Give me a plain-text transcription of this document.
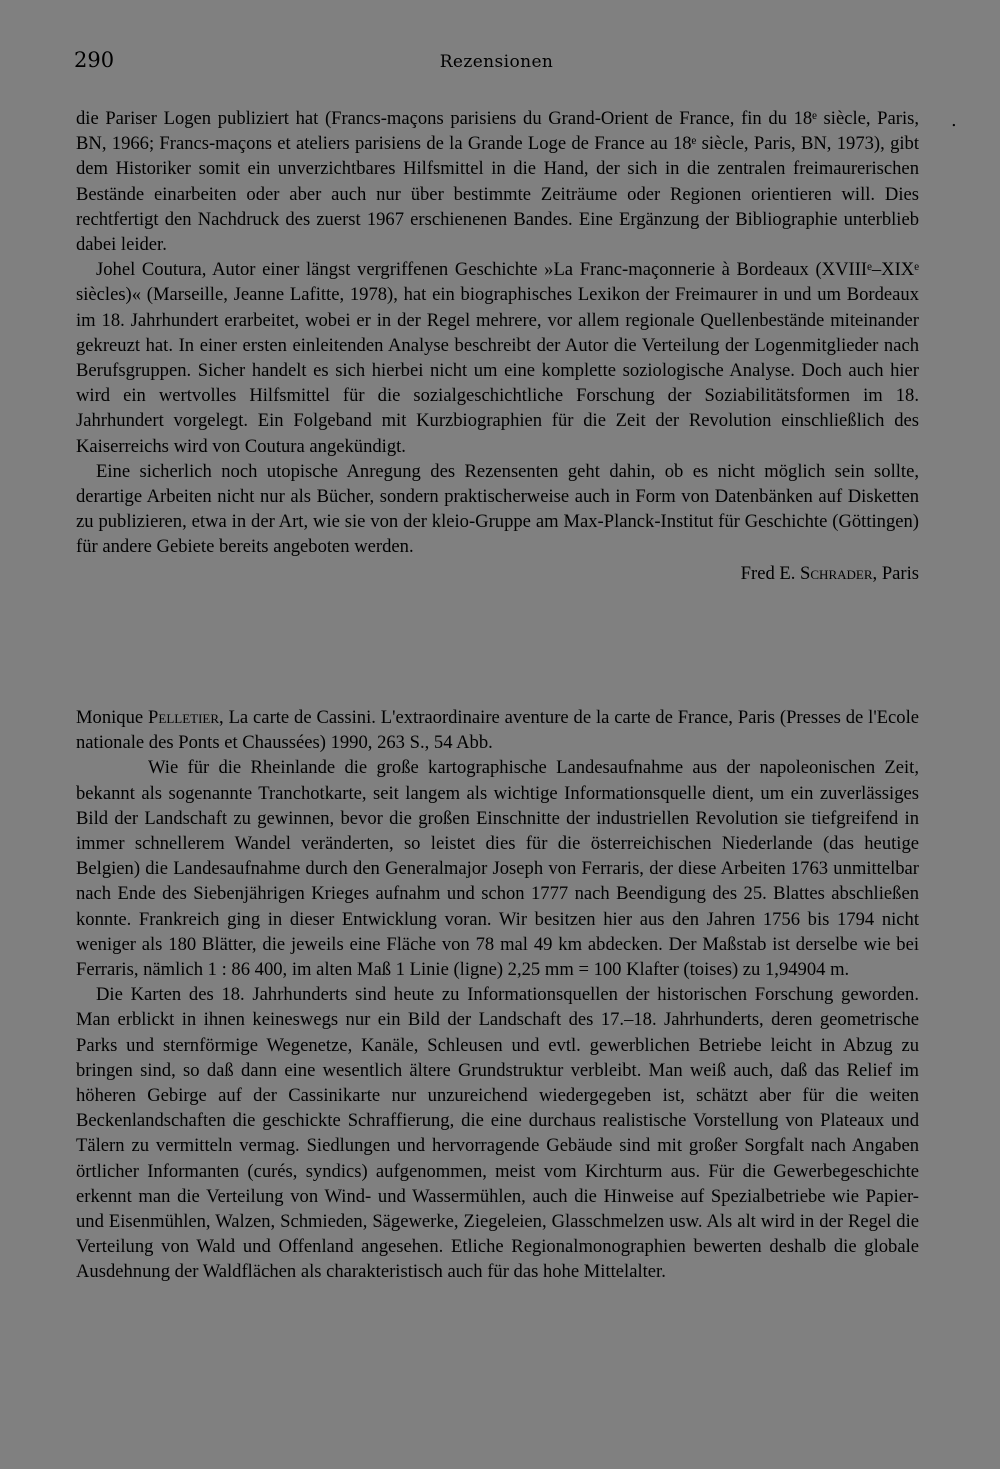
290	Rezensionen
.

die Pariser Logen publiziert hat (Francs-maçons parisiens du Grand-Orient de France, fin du 18ᵉ siècle, Paris, BN, 1966; Francs-maçons et ateliers parisiens de la Grande Loge de France au 18ᵉ siècle, Paris, BN, 1973), gibt dem Historiker somit ein unverzichtbares Hilfsmittel in die Hand, der sich in die zentralen freimaurerischen Bestände einarbeiten oder aber auch nur über bestimmte Zeiträume oder Regionen orientieren will. Dies rechtfertigt den Nachdruck des zuerst 1967 erschienenen Bandes. Eine Ergänzung der Bibliographie unterblieb dabei leider.

Johel Coutura, Autor einer längst vergriffenen Geschichte »La Franc-maçonnerie à Bordeaux (XVIIIᵉ–XIXᵉ siècles)« (Marseille, Jeanne Lafitte, 1978), hat ein biographisches Lexikon der Freimaurer in und um Bordeaux im 18. Jahrhundert erarbeitet, wobei er in der Regel mehrere, vor allem regionale Quellenbestände miteinander gekreuzt hat. In einer ersten einleitenden Analyse beschreibt der Autor die Verteilung der Logenmitglieder nach Berufsgruppen. Sicher handelt es sich hierbei nicht um eine komplette soziologische Analyse. Doch auch hier wird ein wertvolles Hilfsmittel für die sozialgeschichtliche Forschung der Soziabilitätsformen im 18. Jahrhundert vorgelegt. Ein Folgeband mit Kurzbiographien für die Zeit der Revolution einschließlich des Kaiserreichs wird von Coutura angekündigt.

Eine sicherlich noch utopische Anregung des Rezensenten geht dahin, ob es nicht möglich sein sollte, derartige Arbeiten nicht nur als Bücher, sondern praktischerweise auch in Form von Datenbänken auf Disketten zu publizieren, etwa in der Art, wie sie von der kleio-Gruppe am Max-Planck-Institut für Geschichte (Göttingen) für andere Gebiete bereits angeboten werden.

Fred E. Schrader, Paris

Monique Pelletier, La carte de Cassini. L'extraordinaire aventure de la carte de France, Paris (Presses de l'Ecole nationale des Ponts et Chaussées) 1990, 263 S., 54 Abb.

Wie für die Rheinlande die große kartographische Landesaufnahme aus der napoleonischen Zeit, bekannt als sogenannte Tranchotkarte, seit langem als wichtige Informationsquelle dient, um ein zuverlässiges Bild der Landschaft zu gewinnen, bevor die großen Einschnitte der industriellen Revolution sie tiefgreifend in immer schnellerem Wandel veränderten, so leistet dies für die österreichischen Niederlande (das heutige Belgien) die Landesaufnahme durch den Generalmajor Joseph von Ferraris, der diese Arbeiten 1763 unmittelbar nach Ende des Siebenjährigen Krieges aufnahm und schon 1777 nach Beendigung des 25. Blattes abschließen konnte. Frankreich ging in dieser Entwicklung voran. Wir besitzen hier aus den Jahren 1756 bis 1794 nicht weniger als 180 Blätter, die jeweils eine Fläche von 78 mal 49 km abdecken. Der Maßstab ist derselbe wie bei Ferraris, nämlich 1 : 86 400, im alten Maß 1 Linie (ligne) 2,25 mm = 100 Klafter (toises) zu 1,94904 m.

Die Karten des 18. Jahrhunderts sind heute zu Informationsquellen der historischen Forschung geworden. Man erblickt in ihnen keineswegs nur ein Bild der Landschaft des 17.–18. Jahrhunderts, deren geometrische Parks und sternförmige Wegenetze, Kanäle, Schleusen und evtl. gewerblichen Betriebe leicht in Abzug zu bringen sind, so daß dann eine wesentlich ältere Grundstruktur verbleibt. Man weiß auch, daß das Relief im höheren Gebirge auf der Cassinikarte nur unzureichend wiedergegeben ist, schätzt aber für die weiten Beckenlandschaften die geschickte Schraffierung, die eine durchaus realistische Vorstellung von Plateaux und Tälern zu vermitteln vermag. Siedlungen und hervorragende Gebäude sind mit großer Sorgfalt nach Angaben örtlicher Informanten (curés, syndics) aufgenommen, meist vom Kirchturm aus. Für die Gewerbegeschichte erkennt man die Verteilung von Wind- und Wassermühlen, auch die Hinweise auf Spezialbetriebe wie Papier- und Eisenmühlen, Walzen, Schmieden, Sägewerke, Ziegeleien, Glasschmelzen usw. Als alt wird in der Regel die Verteilung von Wald und Offenland angesehen. Etliche Regionalmonographien bewerten deshalb die globale Ausdehnung der Waldflächen als charakteristisch auch für das hohe Mittelalter.
